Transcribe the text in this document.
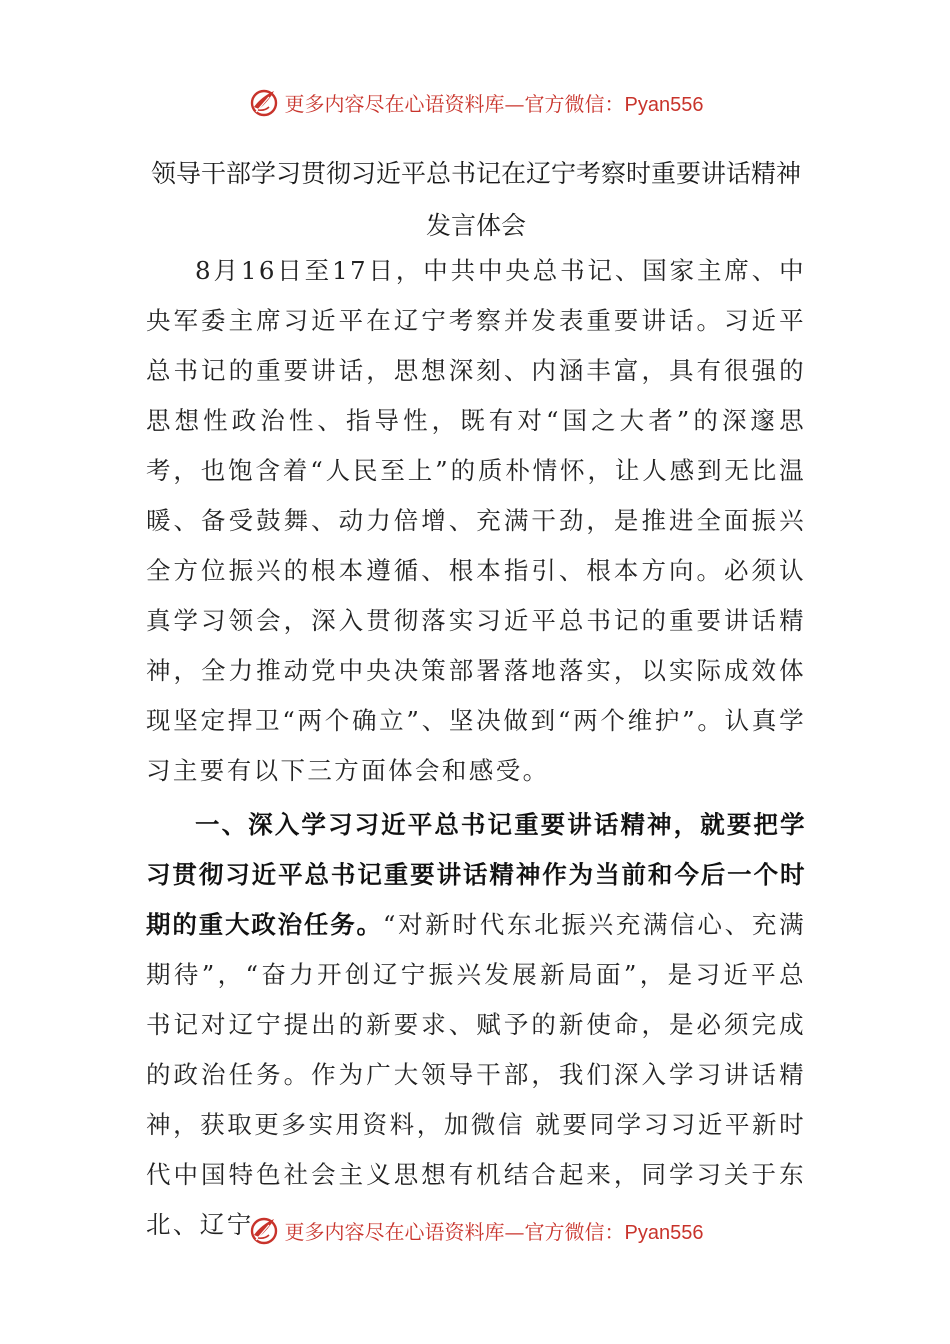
更多内容尽在心语资料库—官方微信：Pyan556
领导干部学习贯彻习近平总书记在辽宁考察时重要讲话精神发言体会

8月16日至17日，中共中央总书记、国家主席、中央军委主席习近平在辽宁考察并发表重要讲话。习近平总书记的重要讲话，思想深刻、内涵丰富，具有很强的思想性政治性、指导性，既有对“国之大者”的深邃思考，也饱含着“人民至上”的质朴情怀，让人感到无比温暖、备受鼓舞、动力倍增、充满干劲，是推进全面振兴全方位振兴的根本遵循、根本指引、根本方向。必须认真学习领会，深入贯彻落实习近平总书记的重要讲话精神，全力推动党中央决策部署落地落实，以实际成效体现坚定捍卫“两个确立”、坚决做到“两个维护”。认真学习主要有以下三方面体会和感受。

一、深入学习习近平总书记重要讲话精神，就要把学习贯彻习近平总书记重要讲话精神作为当前和今后一个时期的重大政治任务。“对新时代东北振兴充满信心、充满期待”，“奋力开创辽宁振兴发展新局面”，是习近平总书记对辽宁提出的新要求、赋予的新使命，是必须完成的政治任务。作为广大领导干部，我们深入学习讲话精神，获取更多实用资料，加微信 就要同学习习近平新时代中国特色社会主义思想有机结合起来，同学习关于东北、辽宁	更多内容尽在心语资料库—官方微信：Pyan556
